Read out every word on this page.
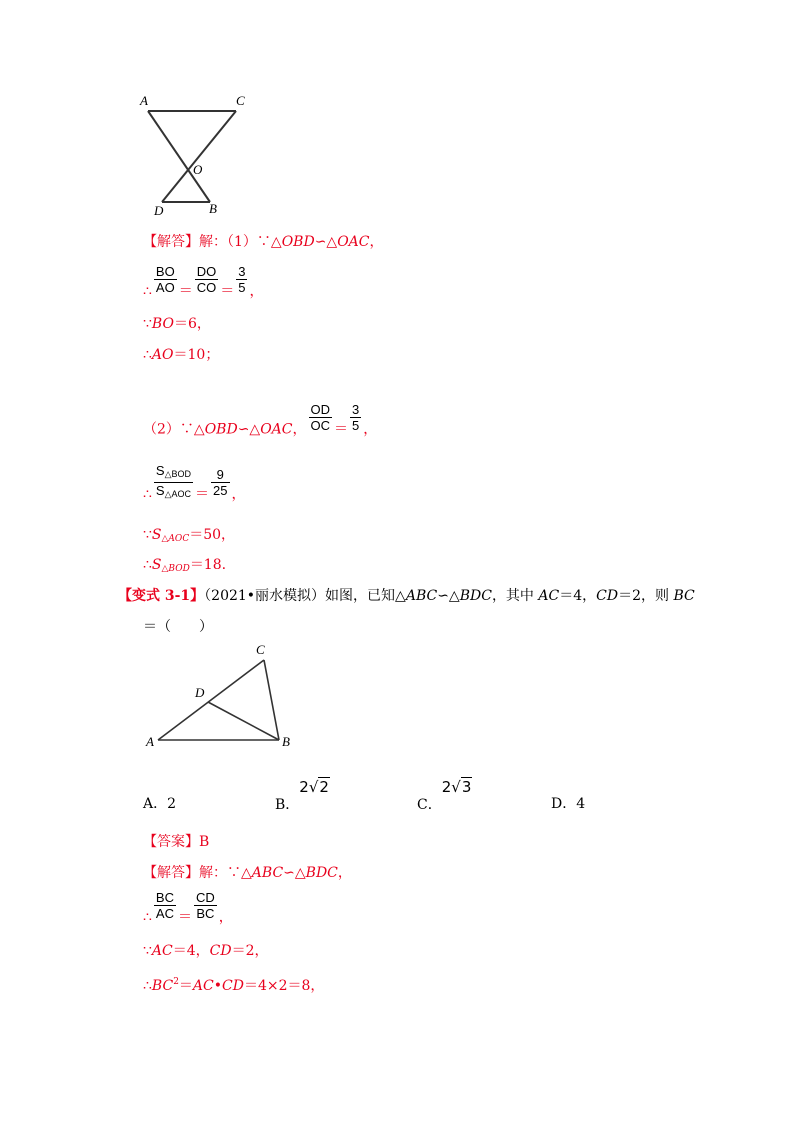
A	C
O
D	B
【解答】解：（1）∵△OBD∽△OAC，
∴ $\frac{BO}{AO} = \frac{DO}{CO} = \frac{3}{5}$ ，
∵BO＝6，
∴AO＝10；
（2）∵△OBD∽△OAC， $\frac{OD}{OC} = \frac{3}{5}$ ，
∴ $\frac{S_{\triangle BOD}}{S_{\triangle AOC}} = \frac{9}{25}$ ，
$\because S_{\triangle AOC}=50$，
$\therefore S_{\triangle BOD}=18$.
【变式 3-1】（2021•丽水模拟）如图，已知△ABC∽△BDC，其中 AC＝4，CD＝2，则 BC
＝（　　）
C
D
A	B
A．2	B．2√2
C．2√3
D．4
【答案】B
【解答】解：∵△ABC∽△BDC，
∴ $\frac{BC}{AC} = \frac{CD}{BC}$ ，
∵AC＝4，CD＝2，
$\therefore BC^2=AC•CD=4\times 2=8$，
